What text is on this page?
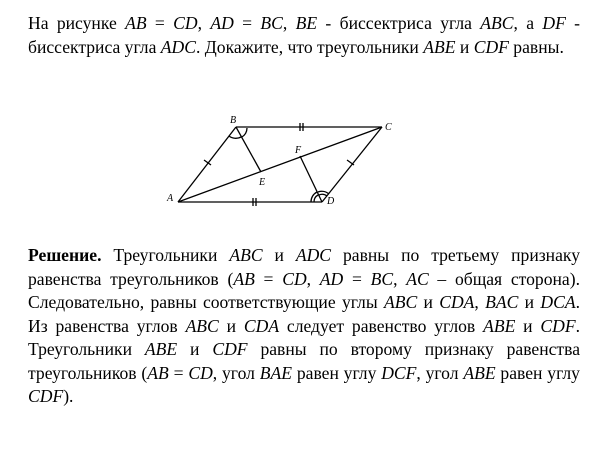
На рисунке AB = CD, AD = BC, BE - биссектриса угла ABC, а DF - биссектриса угла ADC. Докажите, что треугольники ABE и CDF равны.
A
B
C
D
E
F
Решение. Треугольники ABC и ADC равны по третьему признаку равенства треугольников (AB = CD, AD = BC, AC – общая сторона). Следовательно, равны соответствующие углы ABC и CDA, BAC и DCA. Из равенства углов ABC и CDA следует равенство углов ABE и CDF. Треугольники ABE и CDF равны по второму признаку равенства треугольников (AB = CD, угол BAE равен углу DCF, угол ABE равен углу CDF).
